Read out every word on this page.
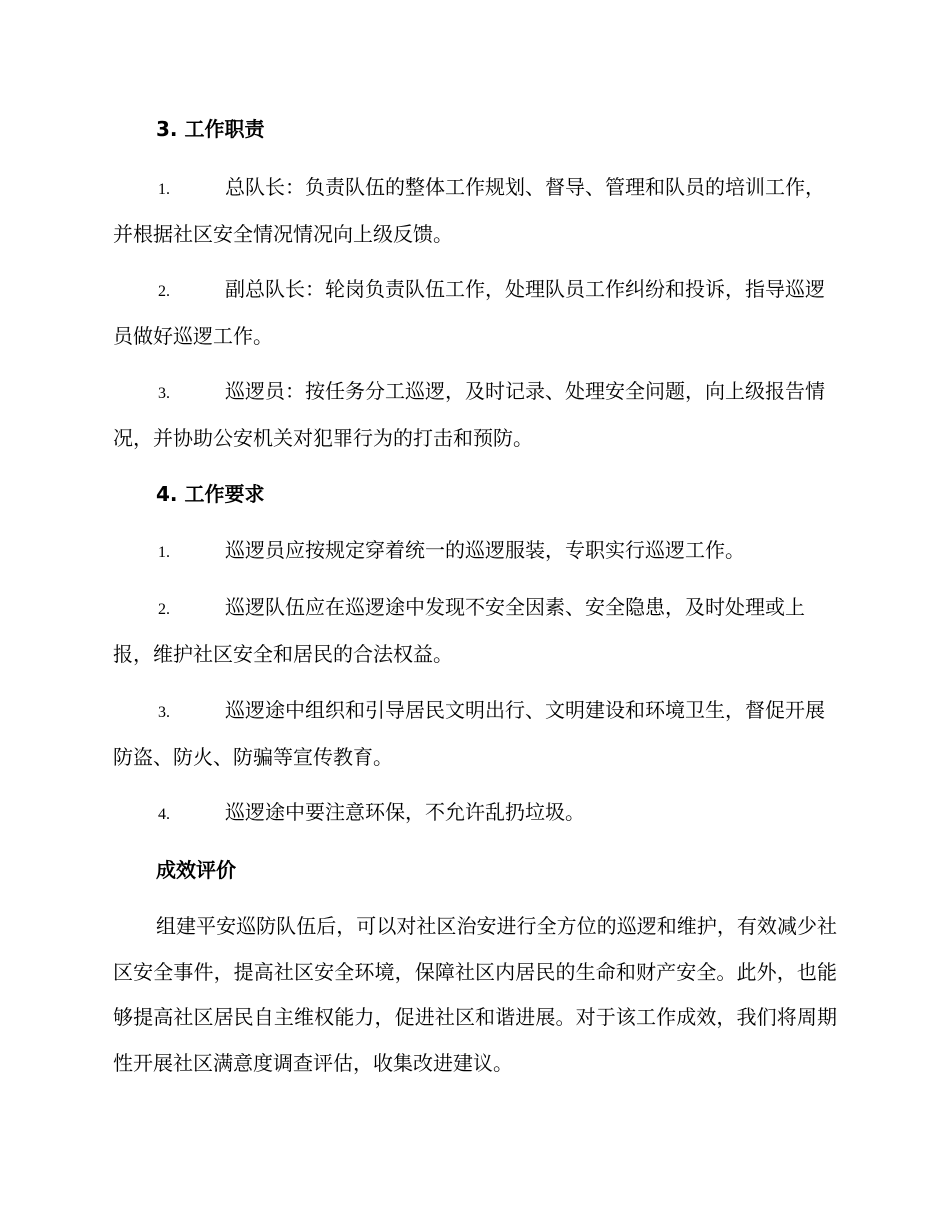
3. 工作职责
1.	总队长：负责队伍的整体工作规划、督导、管理和队员的培训工作，并根据社区安全情况情况向上级反馈。
2.	副总队长：轮岗负责队伍工作，处理队员工作纠纷和投诉，指导巡逻员做好巡逻工作。
3.	巡逻员：按任务分工巡逻，及时记录、处理安全问题，向上级报告情况，并协助公安机关对犯罪行为的打击和预防。
4. 工作要求
1.	巡逻员应按规定穿着统一的巡逻服装，专职实行巡逻工作。
2.	巡逻队伍应在巡逻途中发现不安全因素、安全隐患，及时处理或上报，维护社区安全和居民的合法权益。
3.	巡逻途中组织和引导居民文明出行、文明建设和环境卫生，督促开展防盗、防火、防骗等宣传教育。
4.	巡逻途中要注意环保，不允许乱扔垃圾。
成效评价
组建平安巡防队伍后，可以对社区治安进行全方位的巡逻和维护，有效减少社区安全事件，提高社区安全环境，保障社区内居民的生命和财产安全。此外，也能够提高社区居民自主维权能力，促进社区和谐进展。对于该工作成效，我们将周期性开展社区满意度调查评估，收集改进建议。
